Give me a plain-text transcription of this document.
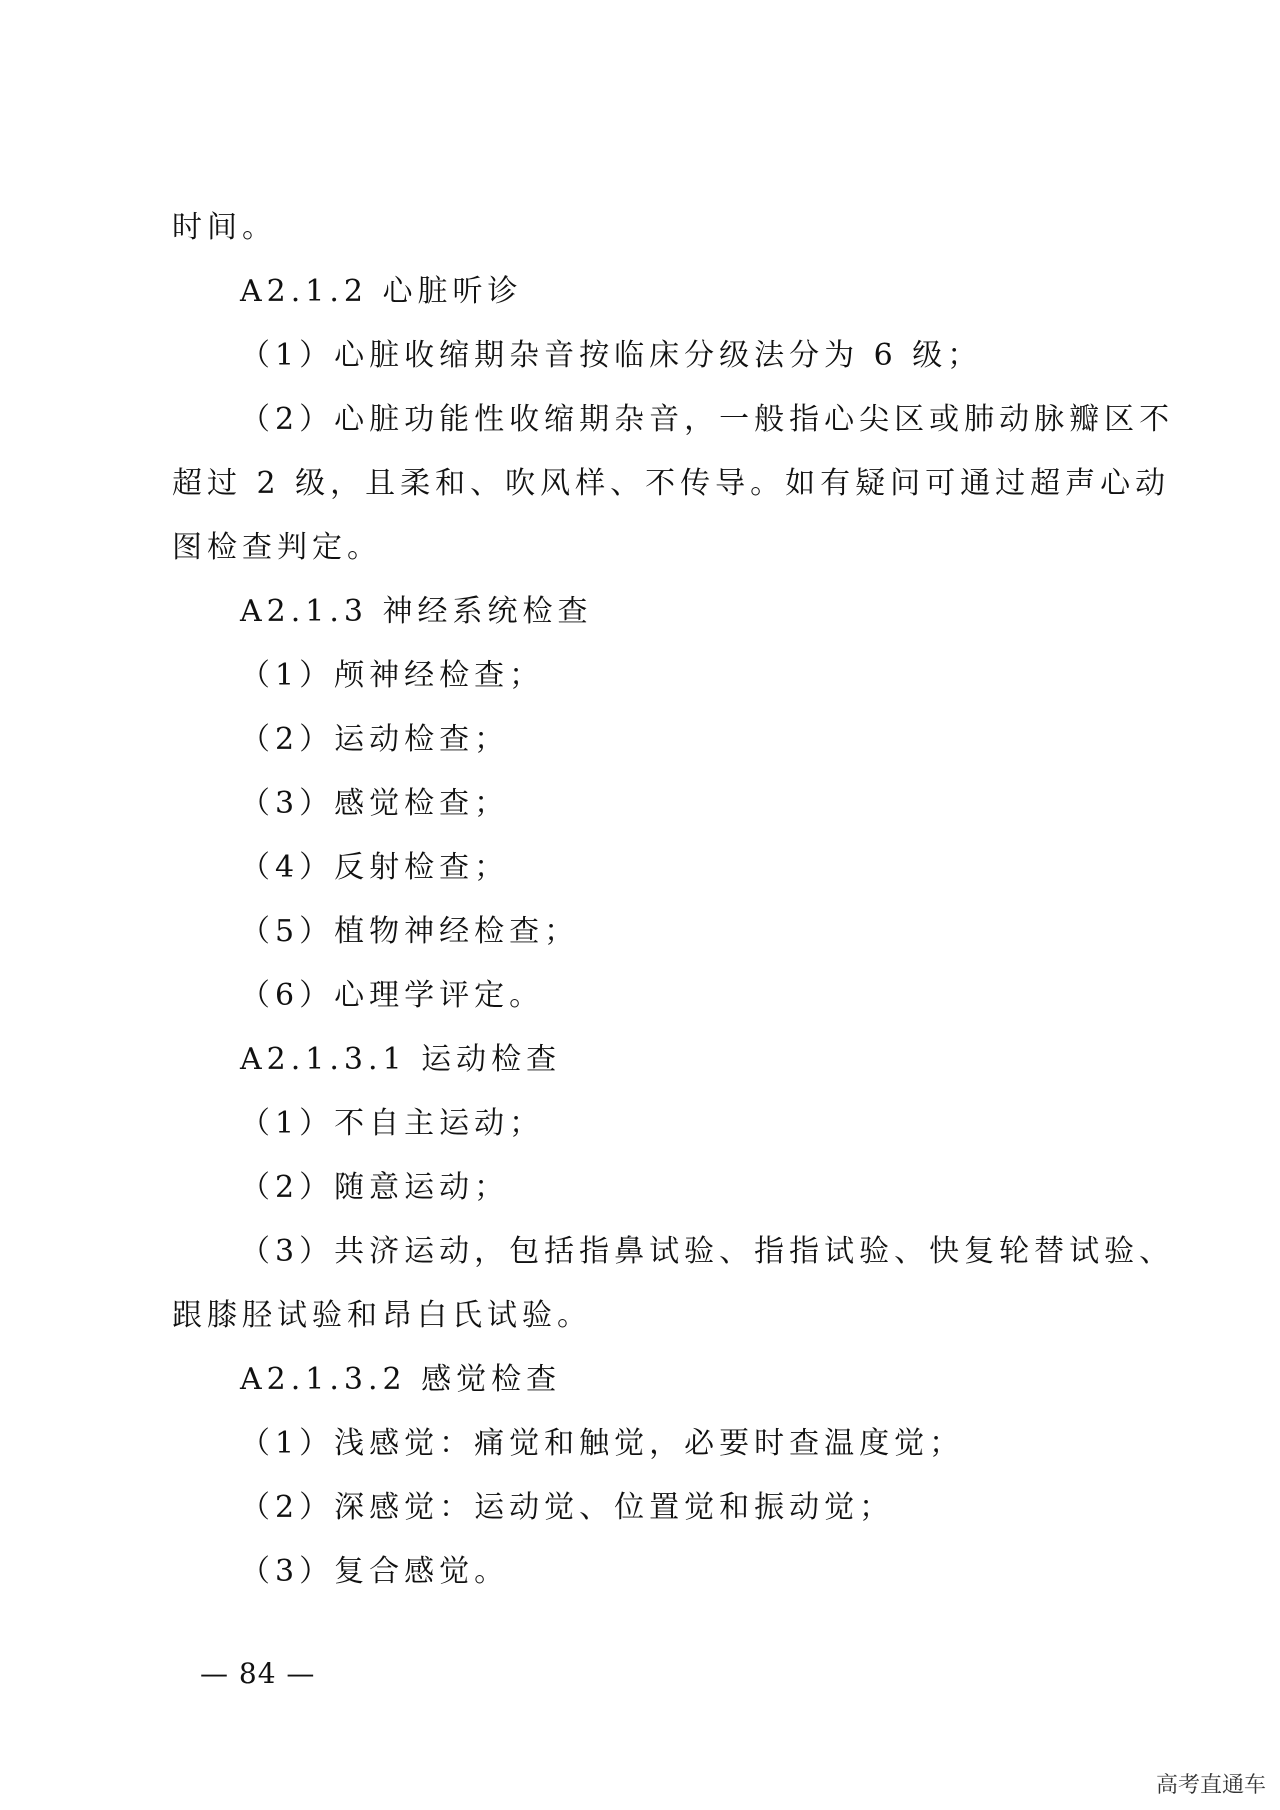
时间。
A2.1.2 心脏听诊
（1）心脏收缩期杂音按临床分级法分为 6 级；
（2）心脏功能性收缩期杂音，一般指心尖区或肺动脉瓣区不
超过 2 级，且柔和、吹风样、不传导。如有疑问可通过超声心动
图检查判定。
A2.1.3 神经系统检查
（1）颅神经检查；
（2）运动检查；
（3）感觉检查；
（4）反射检查；
（5）植物神经检查；
（6）心理学评定。
A2.1.3.1 运动检查
（1）不自主运动；
（2）随意运动；
（3）共济运动，包括指鼻试验、指指试验、快复轮替试验、
跟膝胫试验和昂白氏试验。
A2.1.3.2 感觉检查
（1）浅感觉：痛觉和触觉，必要时查温度觉；
（2）深感觉：运动觉、位置觉和振动觉；
（3）复合感觉。
— 84 —
高考直通车
